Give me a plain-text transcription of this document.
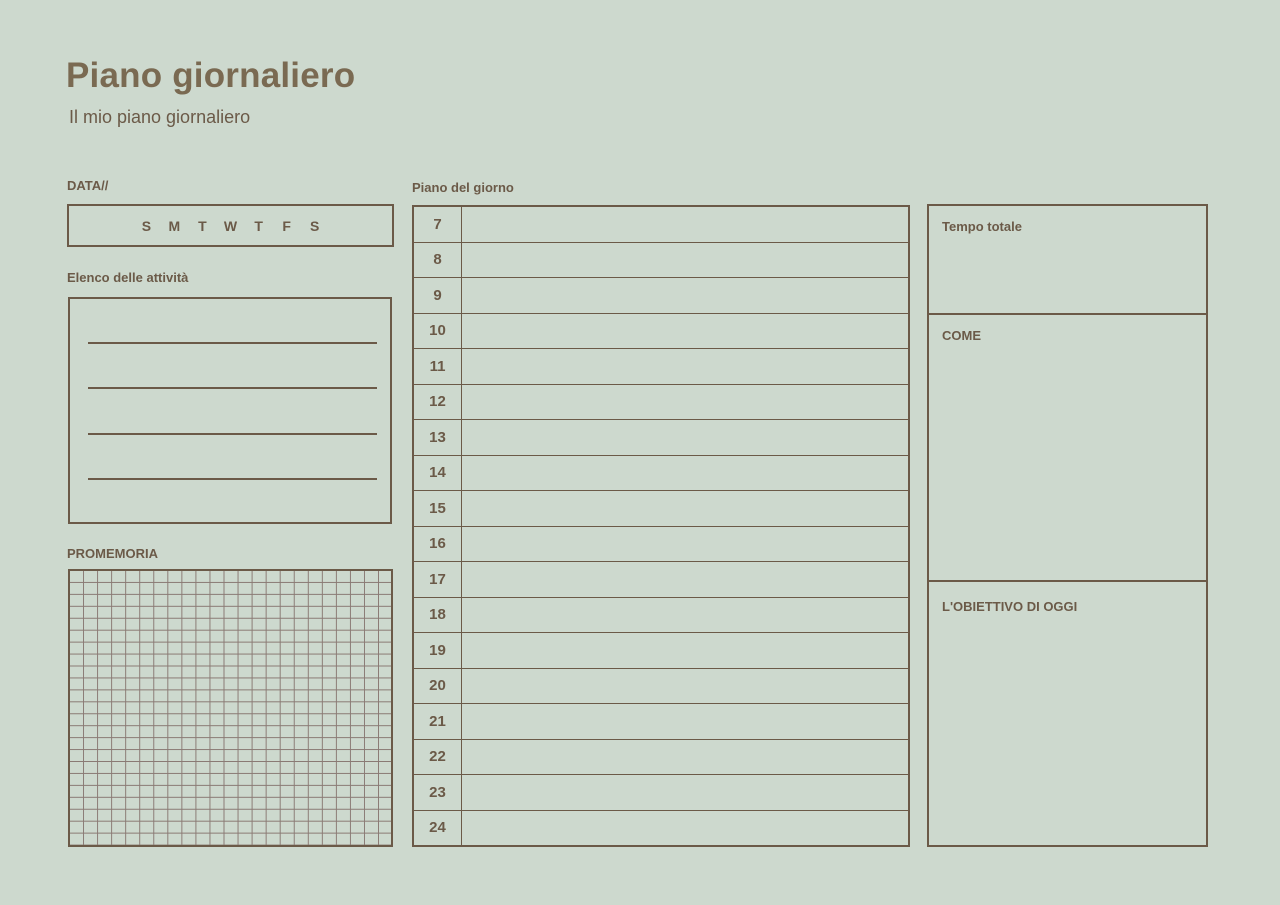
Piano giornaliero
Il mio piano giornaliero
DATA//
S M T W T F S
Elenco delle attività
PROMEMORIA
Piano del giorno
7
8
9
10
11
12
13
14
15
16
17
18
19
20
21
22
23
24
Tempo totale
COME
L'OBIETTIVO DI OGGI
